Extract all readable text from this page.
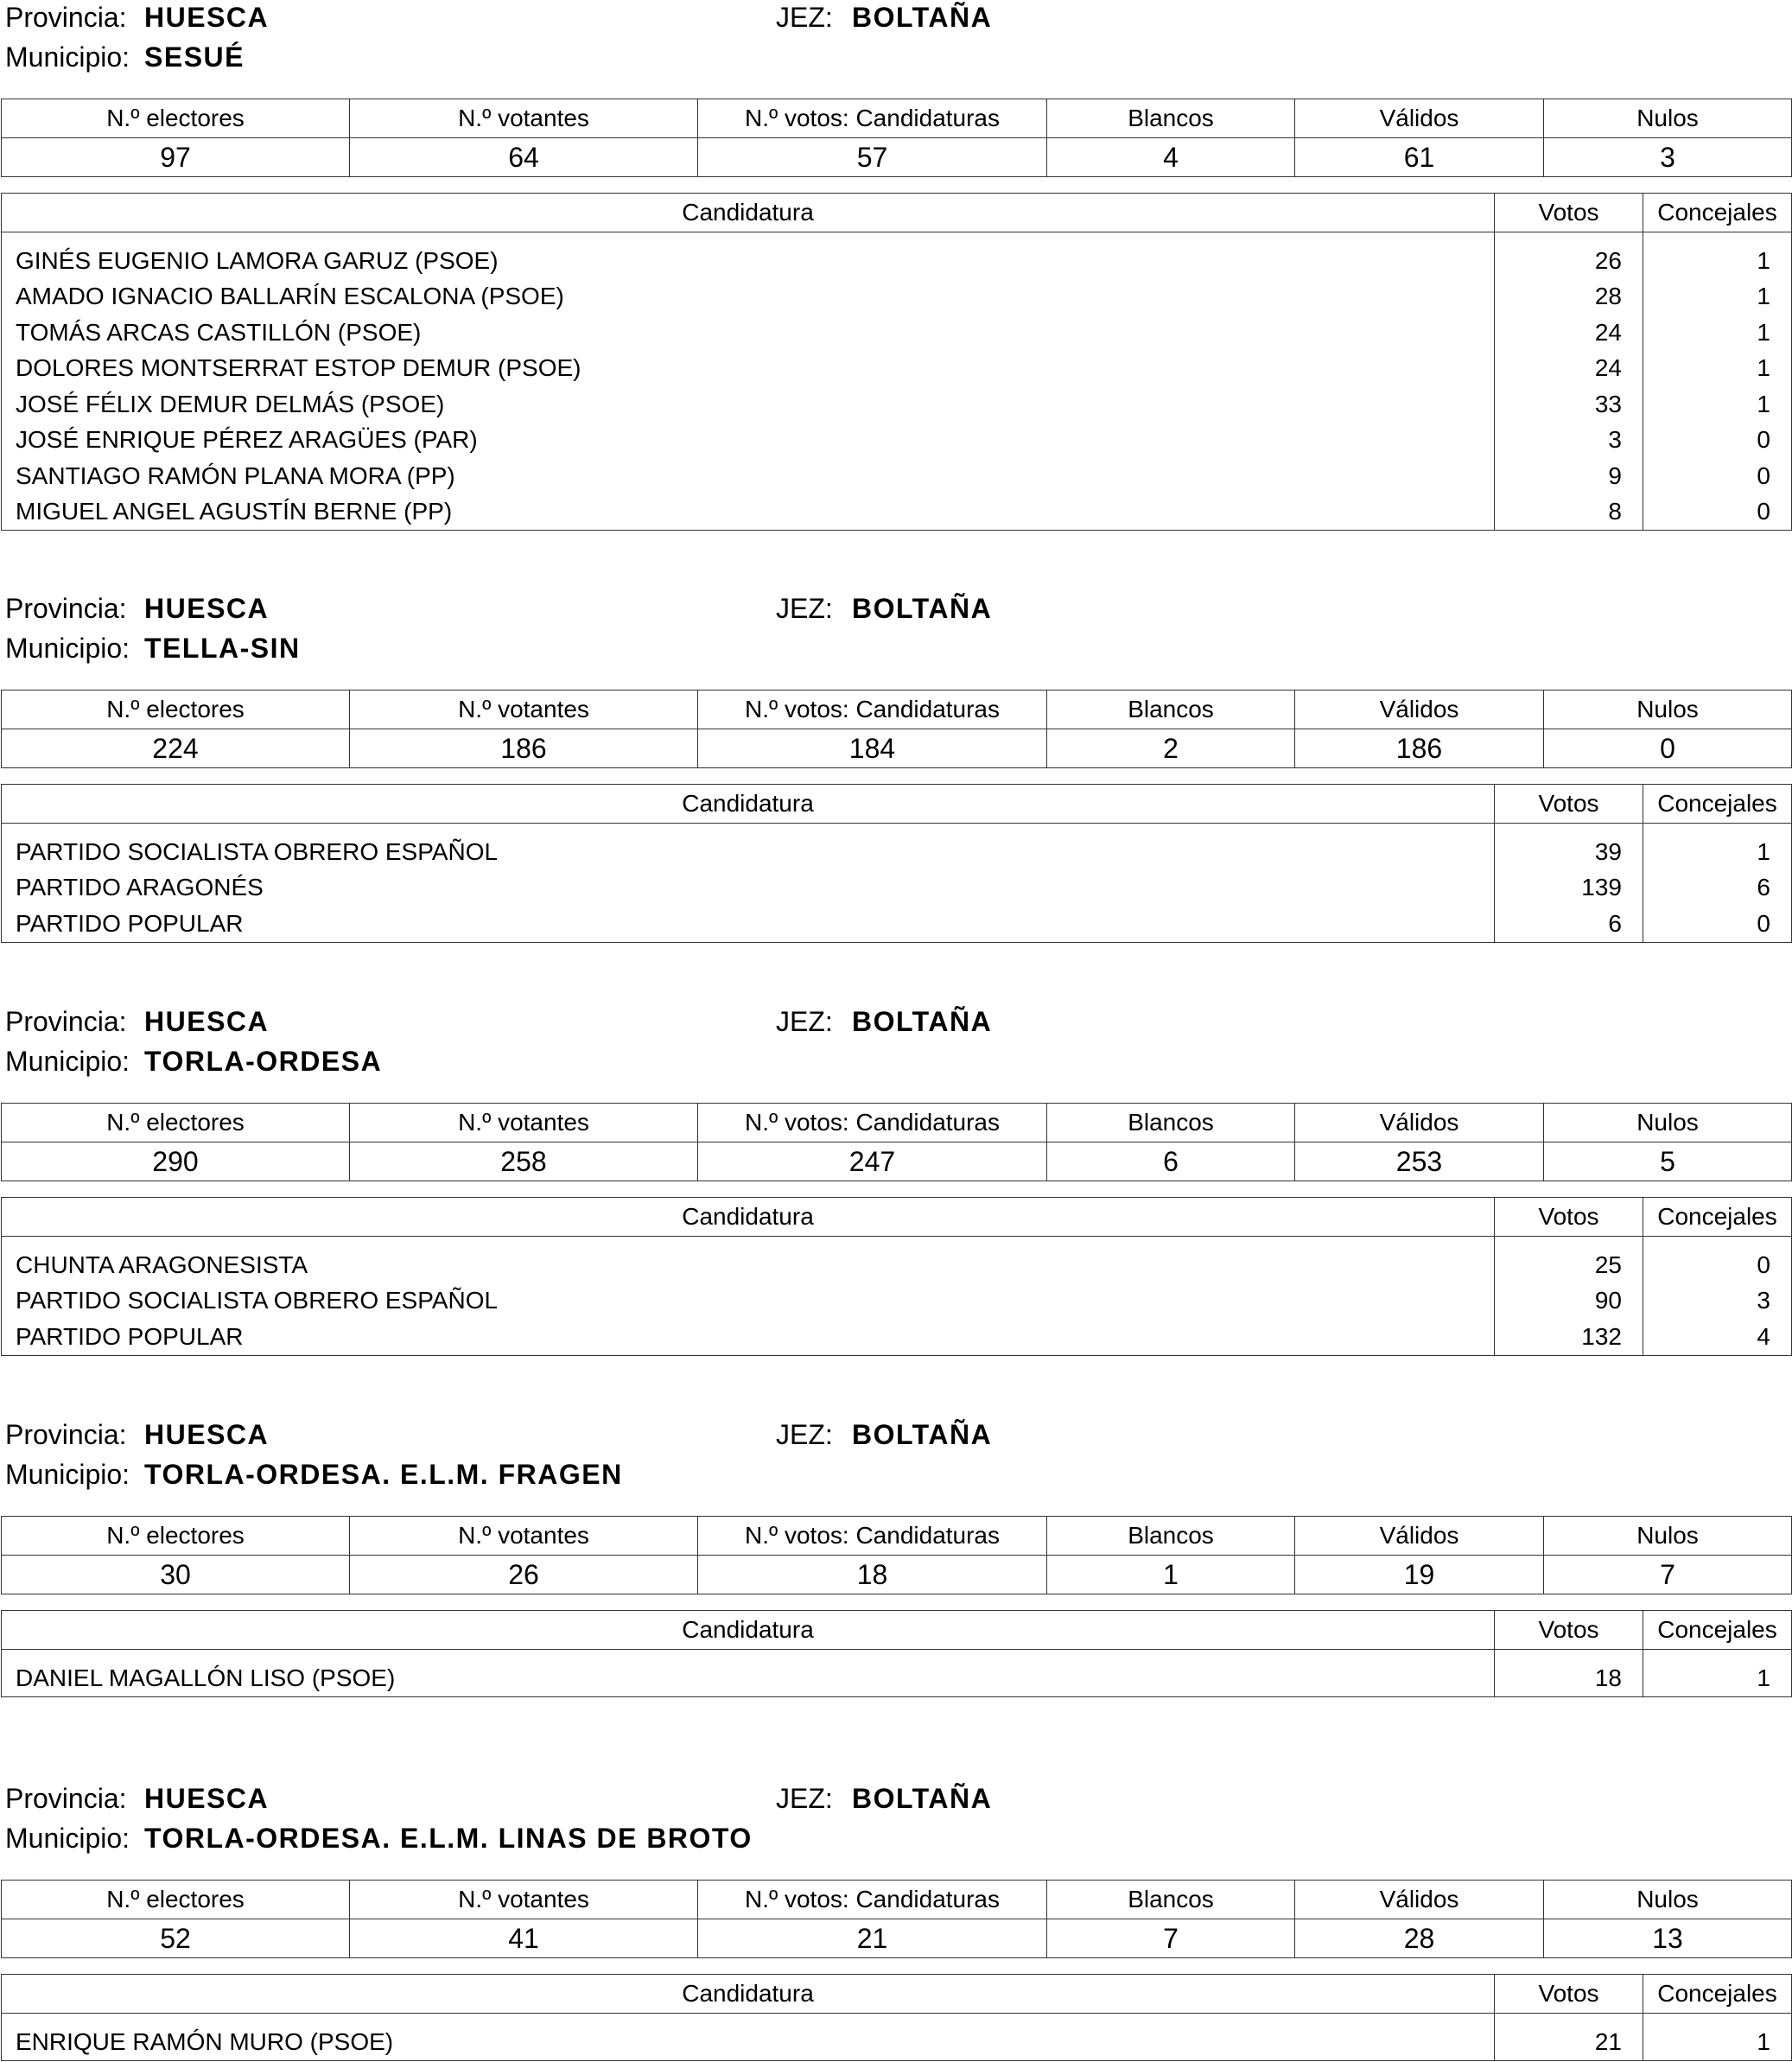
Provincia: HUESCA	JEZ: BOLTAÑA
Municipio: SESUÉ
N.º electores	N.º votantes	N.º votos: Candidaturas	Blancos	Válidos	Nulos
97	64	57	4	61	3
Candidatura	Votos	Concejales

GINÉS EUGENIO LAMORA GARUZ (PSOE)	26	1
AMADO IGNACIO BALLARÍN ESCALONA (PSOE)	28	1
TOMÁS ARCAS CASTILLÓN (PSOE)	24	1
DOLORES MONTSERRAT ESTOP DEMUR (PSOE)	24	1
JOSÉ FÉLIX DEMUR DELMÁS (PSOE)	33	1
JOSÉ ENRIQUE PÉREZ ARAGÜES (PAR)	3	0
SANTIAGO RAMÓN PLANA MORA (PP)	9	0
MIGUEL ANGEL AGUSTÍN BERNE (PP)	8	0
Provincia: HUESCA	JEZ: BOLTAÑA
Municipio: TELLA-SIN
N.º electores	N.º votantes	N.º votos: Candidaturas	Blancos	Válidos	Nulos
224	186	184	2	186	0
Candidatura	Votos	Concejales

PARTIDO SOCIALISTA OBRERO ESPAÑOL	39	1
PARTIDO ARAGONÉS	139	6
PARTIDO POPULAR	6	0
Provincia: HUESCA	JEZ: BOLTAÑA
Municipio: TORLA-ORDESA
N.º electores	N.º votantes	N.º votos: Candidaturas	Blancos	Válidos	Nulos
290	258	247	6	253	5
Candidatura	Votos	Concejales

CHUNTA ARAGONESISTA	25	0
PARTIDO SOCIALISTA OBRERO ESPAÑOL	90	3
PARTIDO POPULAR	132	4
Provincia: HUESCA	JEZ: BOLTAÑA
Municipio: TORLA-ORDESA. E.L.M. FRAGEN
N.º electores	N.º votantes	N.º votos: Candidaturas	Blancos	Válidos	Nulos
30	26	18	1	19	7
Candidatura	Votos	Concejales

DANIEL MAGALLÓN LISO (PSOE)	18	1
Provincia: HUESCA	JEZ: BOLTAÑA
Municipio: TORLA-ORDESA. E.L.M. LINAS DE BROTO
N.º electores	N.º votantes	N.º votos: Candidaturas	Blancos	Válidos	Nulos
52	41	21	7	28	13
Candidatura	Votos	Concejales

ENRIQUE RAMÓN MURO (PSOE)	21	1
